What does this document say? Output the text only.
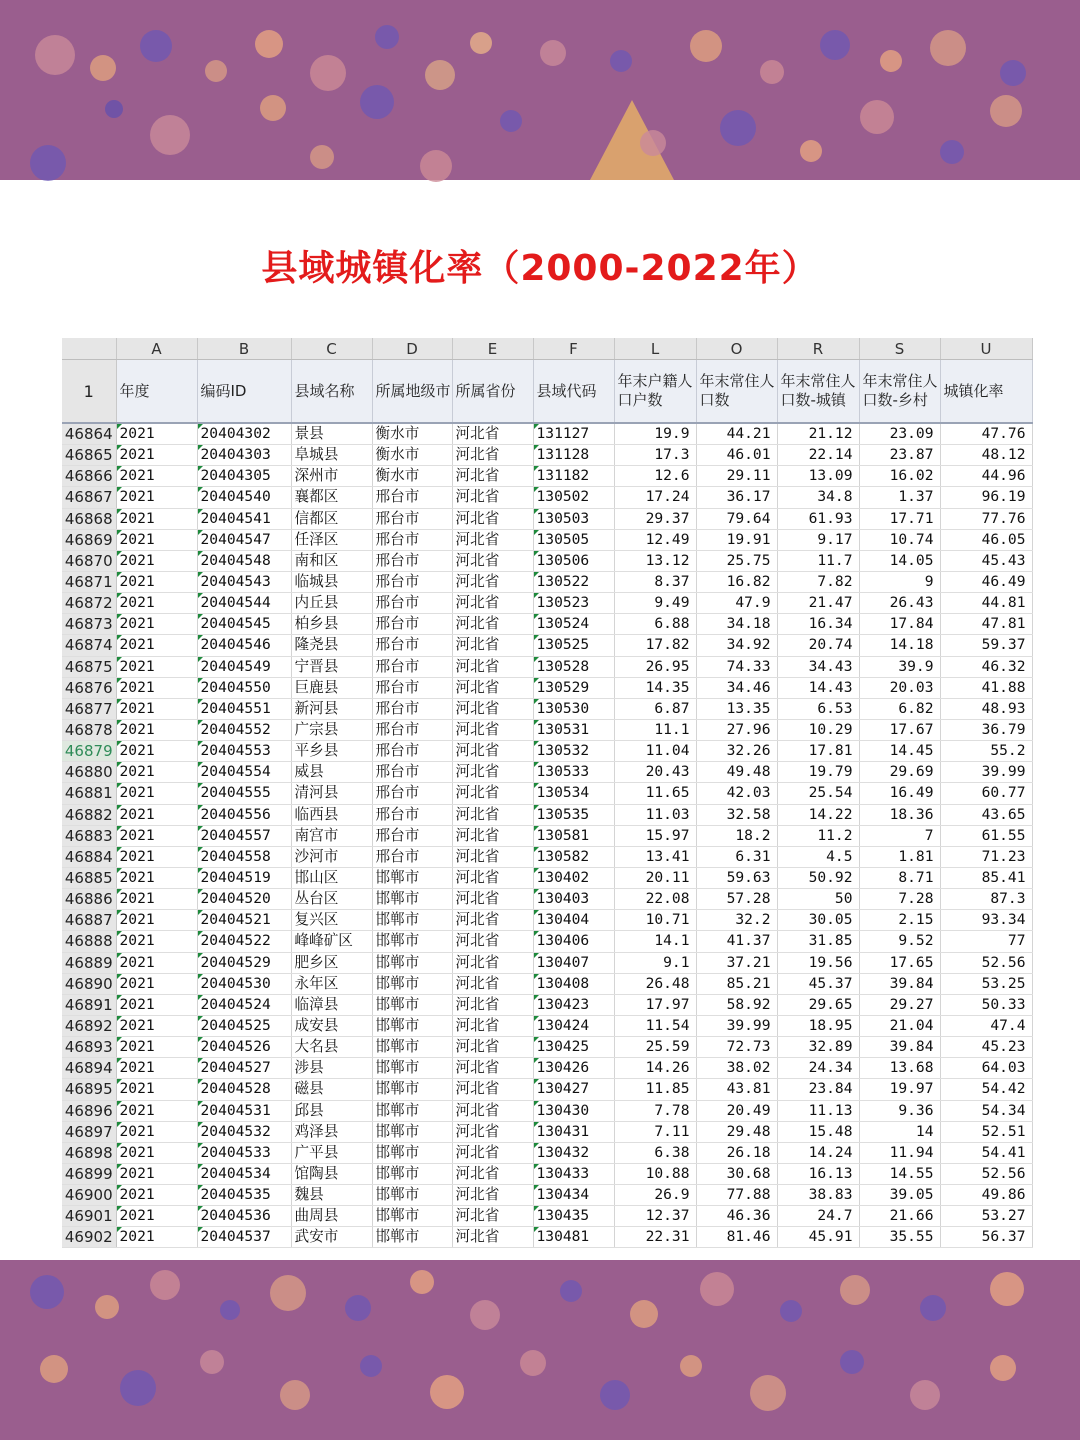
县域城镇化率（2000-2022年）
	A	B	C	D	E	F	L	O	R	S	U
1	年度	编码ID	县域名称	所属地级市	所属省份	县域代码	年末户籍人口户数	年末常住人口数	年末常住人口数-城镇	年末常住人口数-乡村	城镇化率
46864	2021	20404302	景县	衡水市	河北省	131127	19.9	44.21	21.12	23.09	47.76
46865	2021	20404303	阜城县	衡水市	河北省	131128	17.3	46.01	22.14	23.87	48.12
46866	2021	20404305	深州市	衡水市	河北省	131182	12.6	29.11	13.09	16.02	44.96
46867	2021	20404540	襄都区	邢台市	河北省	130502	17.24	36.17	34.8	1.37	96.19
46868	2021	20404541	信都区	邢台市	河北省	130503	29.37	79.64	61.93	17.71	77.76
46869	2021	20404547	任泽区	邢台市	河北省	130505	12.49	19.91	9.17	10.74	46.05
46870	2021	20404548	南和区	邢台市	河北省	130506	13.12	25.75	11.7	14.05	45.43
46871	2021	20404543	临城县	邢台市	河北省	130522	8.37	16.82	7.82	9	46.49
46872	2021	20404544	内丘县	邢台市	河北省	130523	9.49	47.9	21.47	26.43	44.81
46873	2021	20404545	柏乡县	邢台市	河北省	130524	6.88	34.18	16.34	17.84	47.81
46874	2021	20404546	隆尧县	邢台市	河北省	130525	17.82	34.92	20.74	14.18	59.37
46875	2021	20404549	宁晋县	邢台市	河北省	130528	26.95	74.33	34.43	39.9	46.32
46876	2021	20404550	巨鹿县	邢台市	河北省	130529	14.35	34.46	14.43	20.03	41.88
46877	2021	20404551	新河县	邢台市	河北省	130530	6.87	13.35	6.53	6.82	48.93
46878	2021	20404552	广宗县	邢台市	河北省	130531	11.1	27.96	10.29	17.67	36.79
46879	2021	20404553	平乡县	邢台市	河北省	130532	11.04	32.26	17.81	14.45	55.2
46880	2021	20404554	威县	邢台市	河北省	130533	20.43	49.48	19.79	29.69	39.99
46881	2021	20404555	清河县	邢台市	河北省	130534	11.65	42.03	25.54	16.49	60.77
46882	2021	20404556	临西县	邢台市	河北省	130535	11.03	32.58	14.22	18.36	43.65
46883	2021	20404557	南宫市	邢台市	河北省	130581	15.97	18.2	11.2	7	61.55
46884	2021	20404558	沙河市	邢台市	河北省	130582	13.41	6.31	4.5	1.81	71.23
46885	2021	20404519	邯山区	邯郸市	河北省	130402	20.11	59.63	50.92	8.71	85.41
46886	2021	20404520	丛台区	邯郸市	河北省	130403	22.08	57.28	50	7.28	87.3
46887	2021	20404521	复兴区	邯郸市	河北省	130404	10.71	32.2	30.05	2.15	93.34
46888	2021	20404522	峰峰矿区	邯郸市	河北省	130406	14.1	41.37	31.85	9.52	77
46889	2021	20404529	肥乡区	邯郸市	河北省	130407	9.1	37.21	19.56	17.65	52.56
46890	2021	20404530	永年区	邯郸市	河北省	130408	26.48	85.21	45.37	39.84	53.25
46891	2021	20404524	临漳县	邯郸市	河北省	130423	17.97	58.92	29.65	29.27	50.33
46892	2021	20404525	成安县	邯郸市	河北省	130424	11.54	39.99	18.95	21.04	47.4
46893	2021	20404526	大名县	邯郸市	河北省	130425	25.59	72.73	32.89	39.84	45.23
46894	2021	20404527	涉县	邯郸市	河北省	130426	14.26	38.02	24.34	13.68	64.03
46895	2021	20404528	磁县	邯郸市	河北省	130427	11.85	43.81	23.84	19.97	54.42
46896	2021	20404531	邱县	邯郸市	河北省	130430	7.78	20.49	11.13	9.36	54.34
46897	2021	20404532	鸡泽县	邯郸市	河北省	130431	7.11	29.48	15.48	14	52.51
46898	2021	20404533	广平县	邯郸市	河北省	130432	6.38	26.18	14.24	11.94	54.41
46899	2021	20404534	馆陶县	邯郸市	河北省	130433	10.88	30.68	16.13	14.55	52.56
46900	2021	20404535	魏县	邯郸市	河北省	130434	26.9	77.88	38.83	39.05	49.86
46901	2021	20404536	曲周县	邯郸市	河北省	130435	12.37	46.36	24.7	21.66	53.27
46902	2021	20404537	武安市	邯郸市	河北省	130481	22.31	81.46	45.91	35.55	56.37
